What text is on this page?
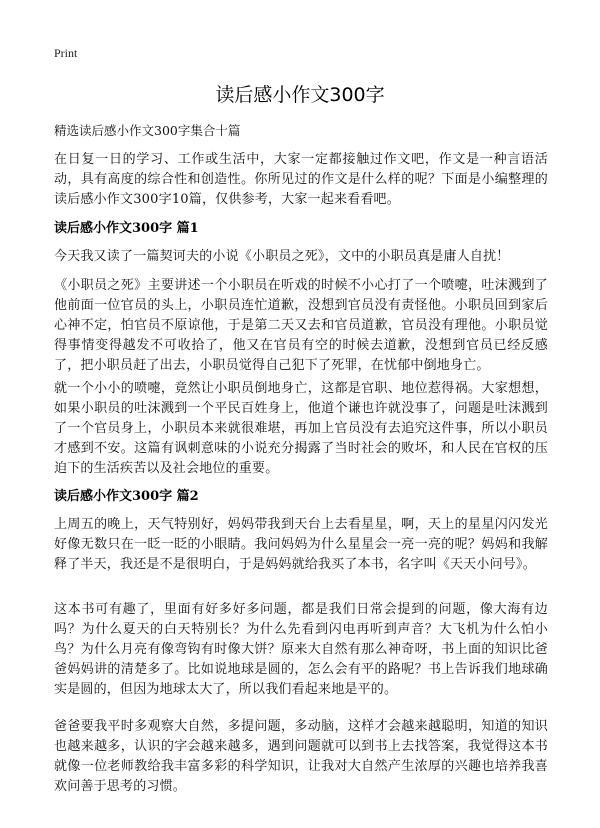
Print
读后感小作文300字

精选读后感小作文300字集合十篇

在日复一日的学习、工作或生活中，大家一定都接触过作文吧，作文是一种言语活动，具有高度的综合性和创造性。你所见过的作文是什么样的呢？下面是小编整理的读后感小作文300字10篇，仅供参考，大家一起来看看吧。

读后感小作文300字 篇1

今天我又读了一篇契诃夫的小说《小职员之死》，文中的小职员真是庸人自扰！

《小职员之死》主要讲述一个小职员在听戏的时候不小心打了一个喷嚏，吐沫溅到了他前面一位官员的头上，小职员连忙道歉，没想到官员没有责怪他。小职员回到家后心神不定，怕官员不原谅他，于是第二天又去和官员道歉，官员没有理他。小职员觉得事情变得越发不可收拾了，他又在官员有空的时候去道歉，没想到官员已经反感了，把小职员赶了出去，小职员觉得自己犯下了死罪，在忧郁中倒地身亡。

就一个小小的喷嚏，竟然让小职员倒地身亡，这都是官职、地位惹得祸。大家想想，如果小职员的吐沫溅到一个平民百姓身上，他道个谦也许就没事了，问题是吐沫溅到了一个官员身上，小职员本来就很难堪，再加上官员没有去追究这件事，所以小职员才感到不安。这篇有讽刺意味的小说充分揭露了当时社会的败坏，和人民在官权的压迫下的生活疾苦以及社会地位的重要。

读后感小作文300字 篇2

上周五的晚上，天气特别好，妈妈带我到天台上去看星星，啊，天上的星星闪闪发光好像无数只在一眨一眨的小眼睛。我问妈妈为什么星星会一亮一亮的呢？妈妈和我解释了半天，我还是不是很明白，于是妈妈就给我买了本书，名字叫《天天小问号》。

这本书可有趣了，里面有好多好多问题，都是我们日常会提到的问题，像大海有边吗？为什么夏天的白天特别长？为什么先看到闪电再听到声音？大飞机为什么怕小鸟？为什么月亮有像弯钩有时像大饼？原来大自然有那么神奇呀，书上面的知识比爸爸妈妈讲的清楚多了。比如说地球是圆的，怎么会有平的路呢？书上告诉我们地球确实是圆的，但因为地球太大了，所以我们看起来地是平的。

爸爸要我平时多观察大自然，多提问题，多动脑，这样才会越来越聪明，知道的知识也越来越多，认识的字会越来越多，遇到问题就可以到书上去找答案，我觉得这本书就像一位老师教给我丰富多彩的科学知识，让我对大自然产生浓厚的兴趣也培养我喜欢问善于思考的习惯。
